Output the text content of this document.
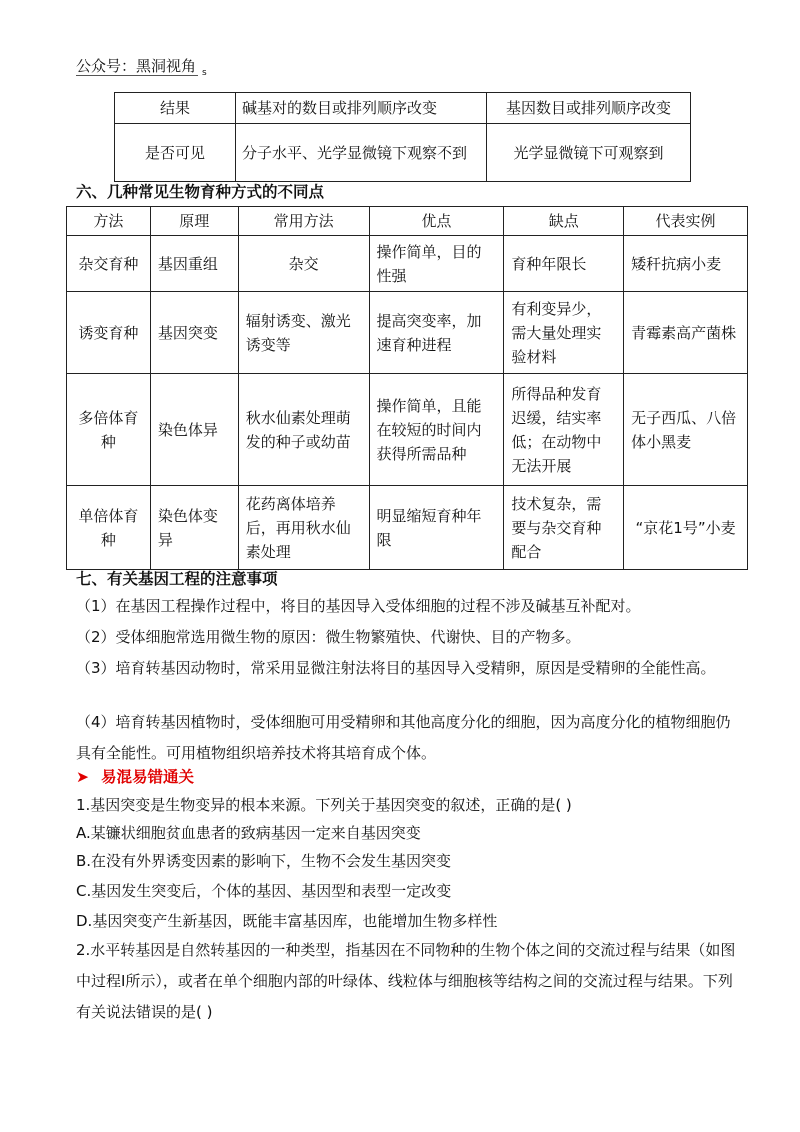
公众号：黑洞视角 s
结果	碱基对的数目或排列顺序改变	基因数目或排列顺序改变
是否可见	分子水平、光学显微镜下观察不到	光学显微镜下可观察到
六、几种常见生物育种方式的不同点
方法	原理	常用方法	优点	缺点	代表实例
杂交育种	基因重组	杂交	操作简单，目的性强	育种年限长	矮秆抗病小麦
诱变育种	基因突变	辐射诱变、激光诱变等	提高突变率，加速育种进程	有利变异少，需大量处理实验材料	青霉素高产菌株
多倍体育种	染色体异	秋水仙素处理萌发的种子或幼苗	操作简单，且能在较短的时间内获得所需品种	所得品种发育迟缓，结实率低；在动物中无法开展	无子西瓜、八倍体小黑麦
单倍体育种	染色体变异	花药离体培养后，再用秋水仙素处理	明显缩短育种年限	技术复杂，需要与杂交育种配合	“京花1号”小麦
七、有关基因工程的注意事项
（1）在基因工程操作过程中，将目的基因导入受体细胞的过程不涉及碱基互补配对。
（2）受体细胞常选用微生物的原因：微生物繁殖快、代谢快、目的产物多。
（3）培育转基因动物时，常采用显微注射法将目的基因导入受精卵，原因是受精卵的全能性高。
（4）培育转基因植物时，受体细胞可用受精卵和其他高度分化的细胞，因为高度分化的植物细胞仍具有全能性。可用植物组织培养技术将其培育成个体。
➤ 易混易错通关
1.基因突变是生物变异的根本来源。下列关于基因突变的叙述，正确的是( )
A.某镰状细胞贫血患者的致病基因一定来自基因突变
B.在没有外界诱变因素的影响下，生物不会发生基因突变
C.基因发生突变后，个体的基因、基因型和表型一定改变
D.基因突变产生新基因，既能丰富基因库，也能增加生物多样性
2.水平转基因是自然转基因的一种类型，指基因在不同物种的生物个体之间的交流过程与结果（如图中过程Ⅰ所示），或者在单个细胞内部的叶绿体、线粒体与细胞核等结构之间的交流过程与结果。下列有关说法错误的是( )
